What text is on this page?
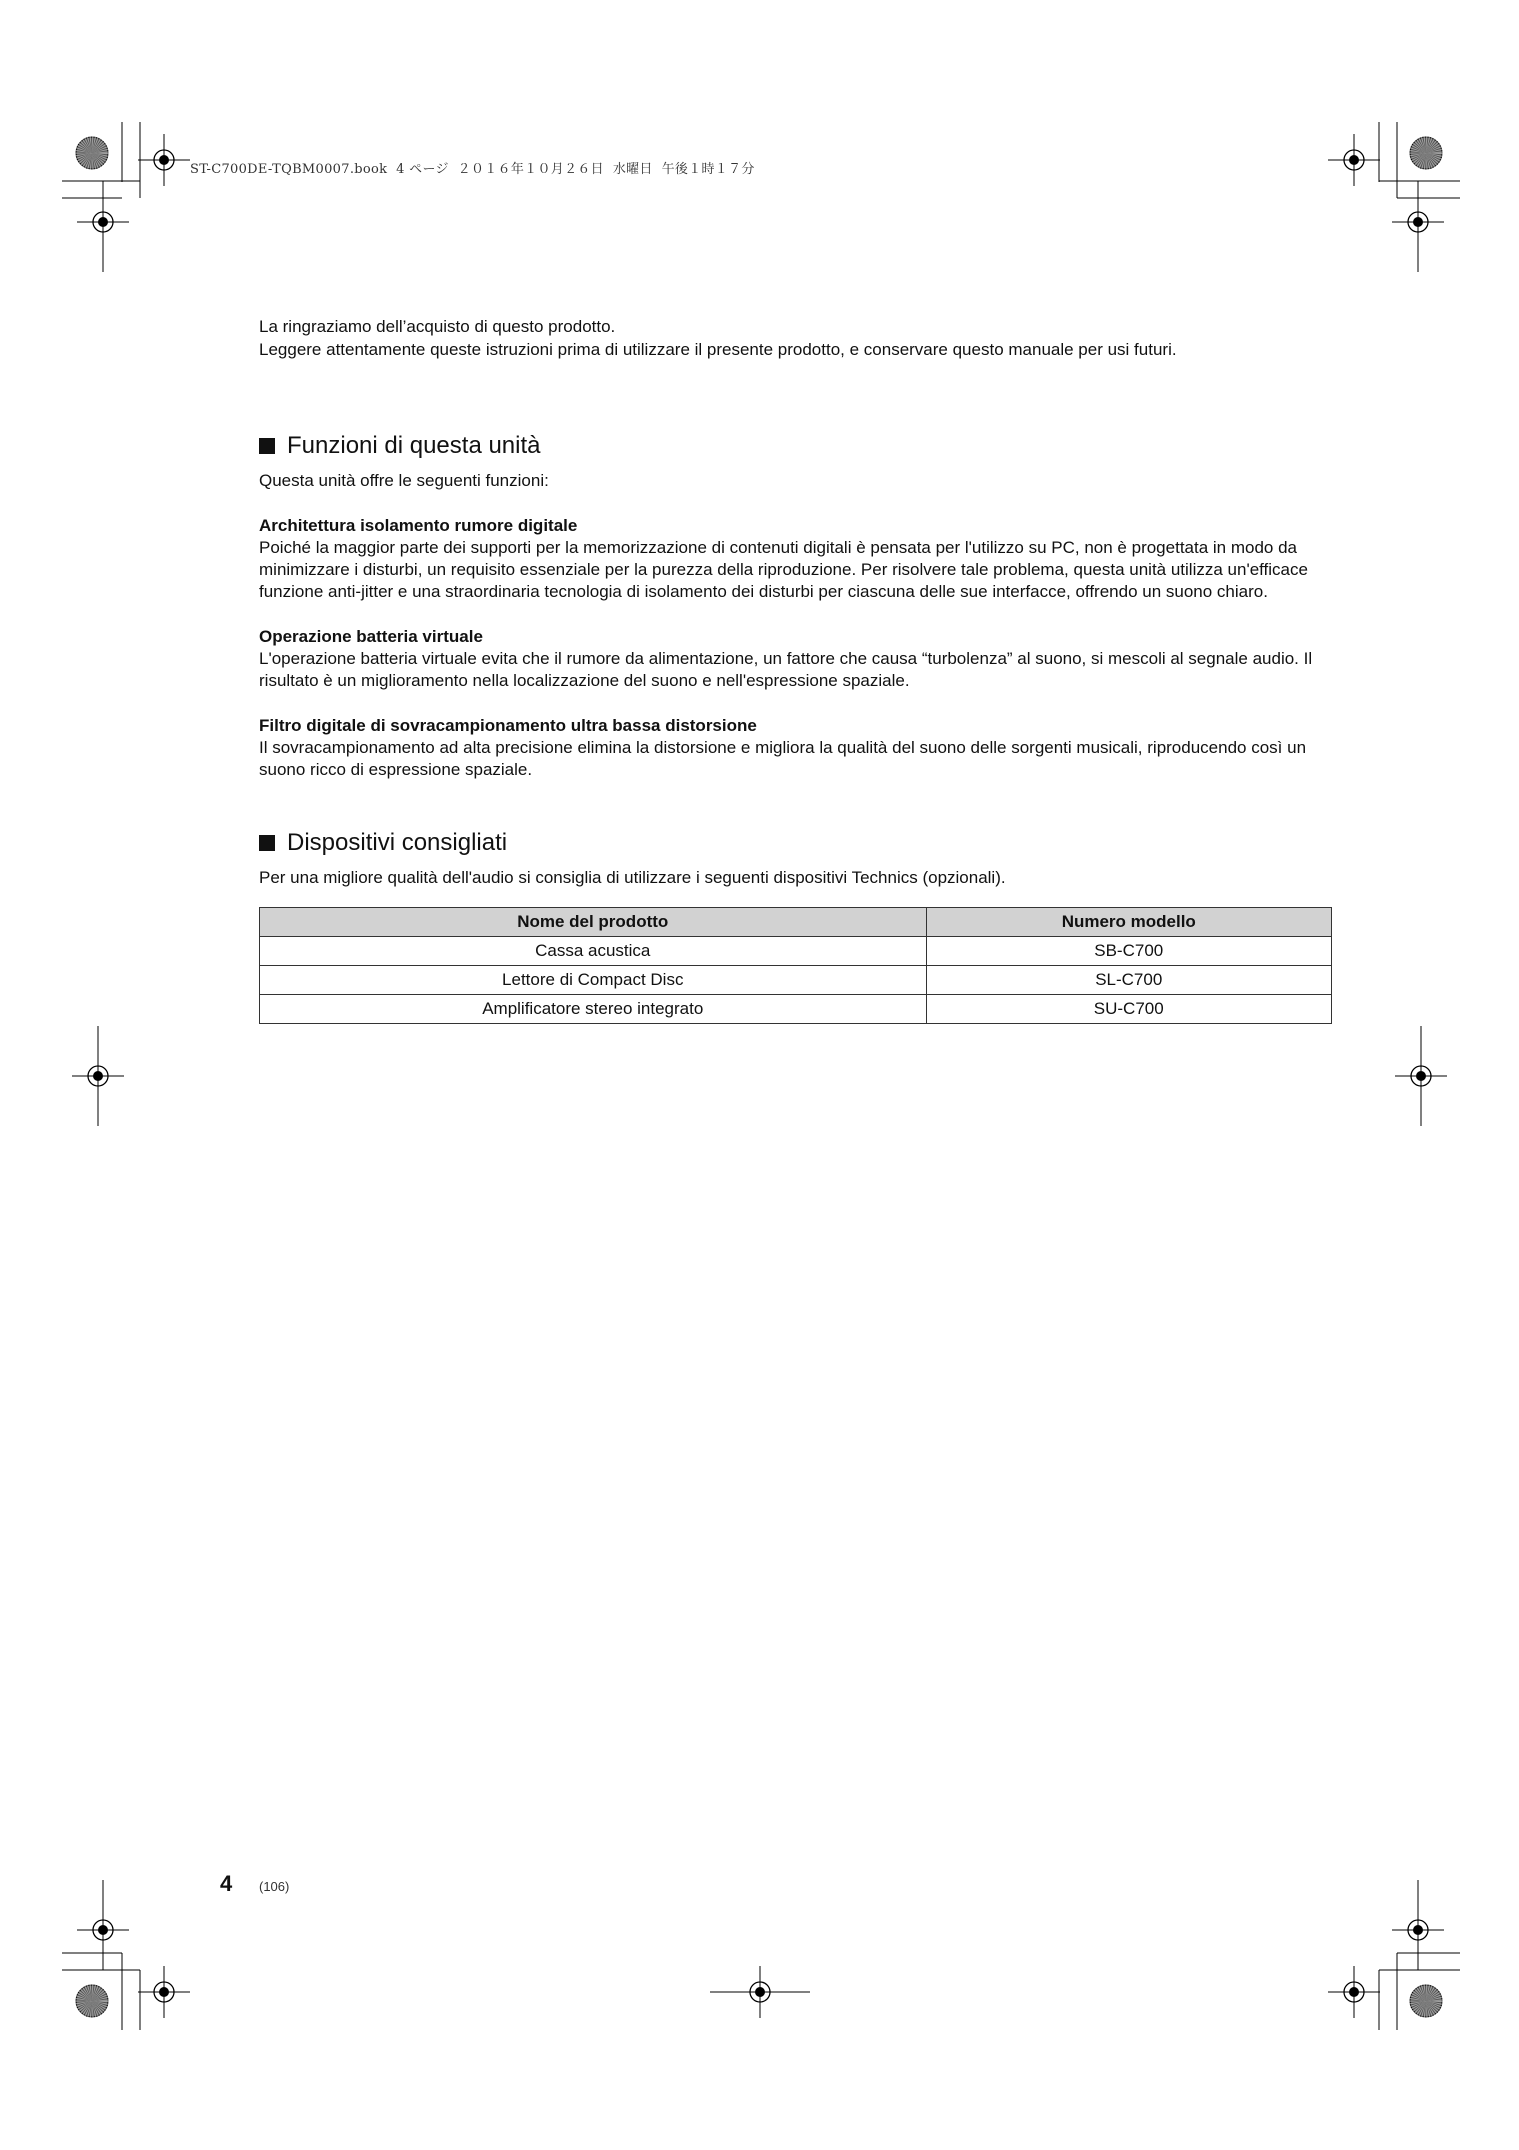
ST-C700DE-TQBM0007.book  4 ページ  ２０１６年１０月２６日  水曜日  午後１時１７分

La ringraziamo dell’acquisto di questo prodotto.

Leggere attentamente queste istruzioni prima di utilizzare il presente prodotto, e conservare questo manuale per usi futuri.

Funzioni di questa unità

Questa unità offre le seguenti funzioni:

Architettura isolamento rumore digitale

Poiché la maggior parte dei supporti per la memorizzazione di contenuti digitali è pensata per l'utilizzo su PC, non è progettata in modo da minimizzare i disturbi, un requisito essenziale per la purezza della riproduzione. Per risolvere tale problema, questa unità utilizza un'efficace funzione anti-jitter e una straordinaria tecnologia di isolamento dei disturbi per ciascuna delle sue interfacce, offrendo un suono chiaro.

Operazione batteria virtuale

L'operazione batteria virtuale evita che il rumore da alimentazione, un fattore che causa “turbolenza” al suono, si mescoli al segnale audio. Il risultato è un miglioramento nella localizzazione del suono e nell'espressione spaziale.

Filtro digitale di sovracampionamento ultra bassa distorsione

Il sovracampionamento ad alta precisione elimina la distorsione e migliora la qualità del suono delle sorgenti musicali, riproducendo così un suono ricco di espressione spaziale.

Dispositivi consigliati

Per una migliore qualità dell'audio si consiglia di utilizzare i seguenti dispositivi Technics (opzionali).

Nome del prodotto	Numero modello
Cassa acustica	SB-C700
Lettore di Compact Disc	SL-C700
Amplificatore stereo integrato	SU-C700
4 (106)
